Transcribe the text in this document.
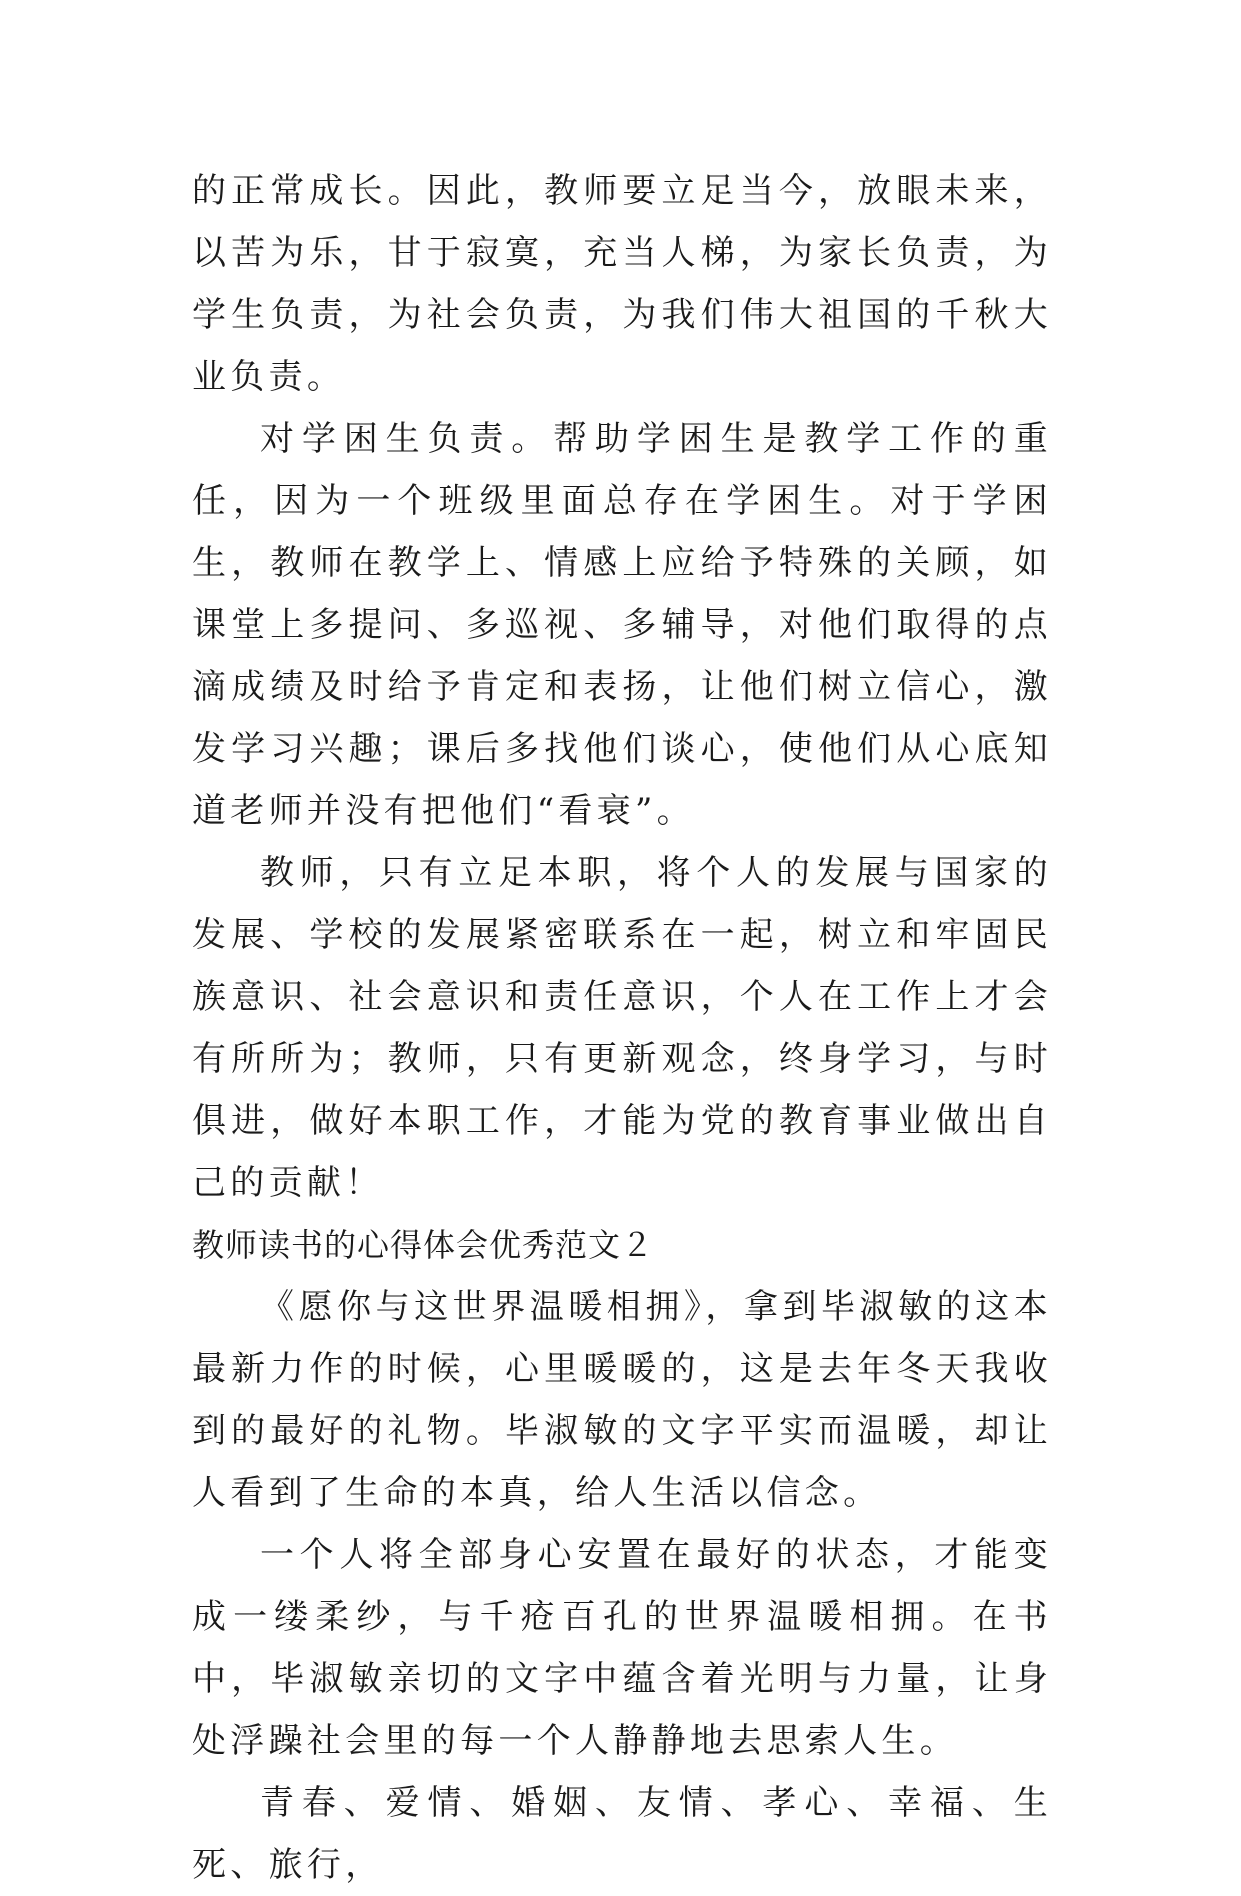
的正常成长。因此，教师要立足当今，放眼未来，以苦为乐，甘于寂寞，充当人梯，为家长负责，为学生负责，为社会负责，为我们伟大祖国的千秋大业负责。

对学困生负责。帮助学困生是教学工作的重任，因为一个班级里面总存在学困生。对于学困生，教师在教学上、情感上应给予特殊的关顾，如课堂上多提问、多巡视、多辅导，对他们取得的点滴成绩及时给予肯定和表扬，让他们树立信心，激发学习兴趣；课后多找他们谈心，使他们从心底知道老师并没有把他们“看衰”。

教师，只有立足本职，将个人的发展与国家的发展、学校的发展紧密联系在一起，树立和牢固民族意识、社会意识和责任意识，个人在工作上才会有所所为；教师，只有更新观念，终身学习，与时俱进，做好本职工作，才能为党的教育事业做出自己的贡献！

教师读书的心得体会优秀范文２

《愿你与这世界温暖相拥》，拿到毕淑敏的这本最新力作的时候，心里暖暖的，这是去年冬天我收到的最好的礼物。毕淑敏的文字平实而温暖，却让人看到了生命的本真，给人生活以信念。

一个人将全部身心安置在最好的状态，才能变成一缕柔纱，与千疮百孔的世界温暖相拥。在书中，毕淑敏亲切的文字中蕴含着光明与力量，让身处浮躁社会里的每一个人静静地去思索人生。

青春、爱情、婚姻、友情、孝心、幸福、生死、旅行，
